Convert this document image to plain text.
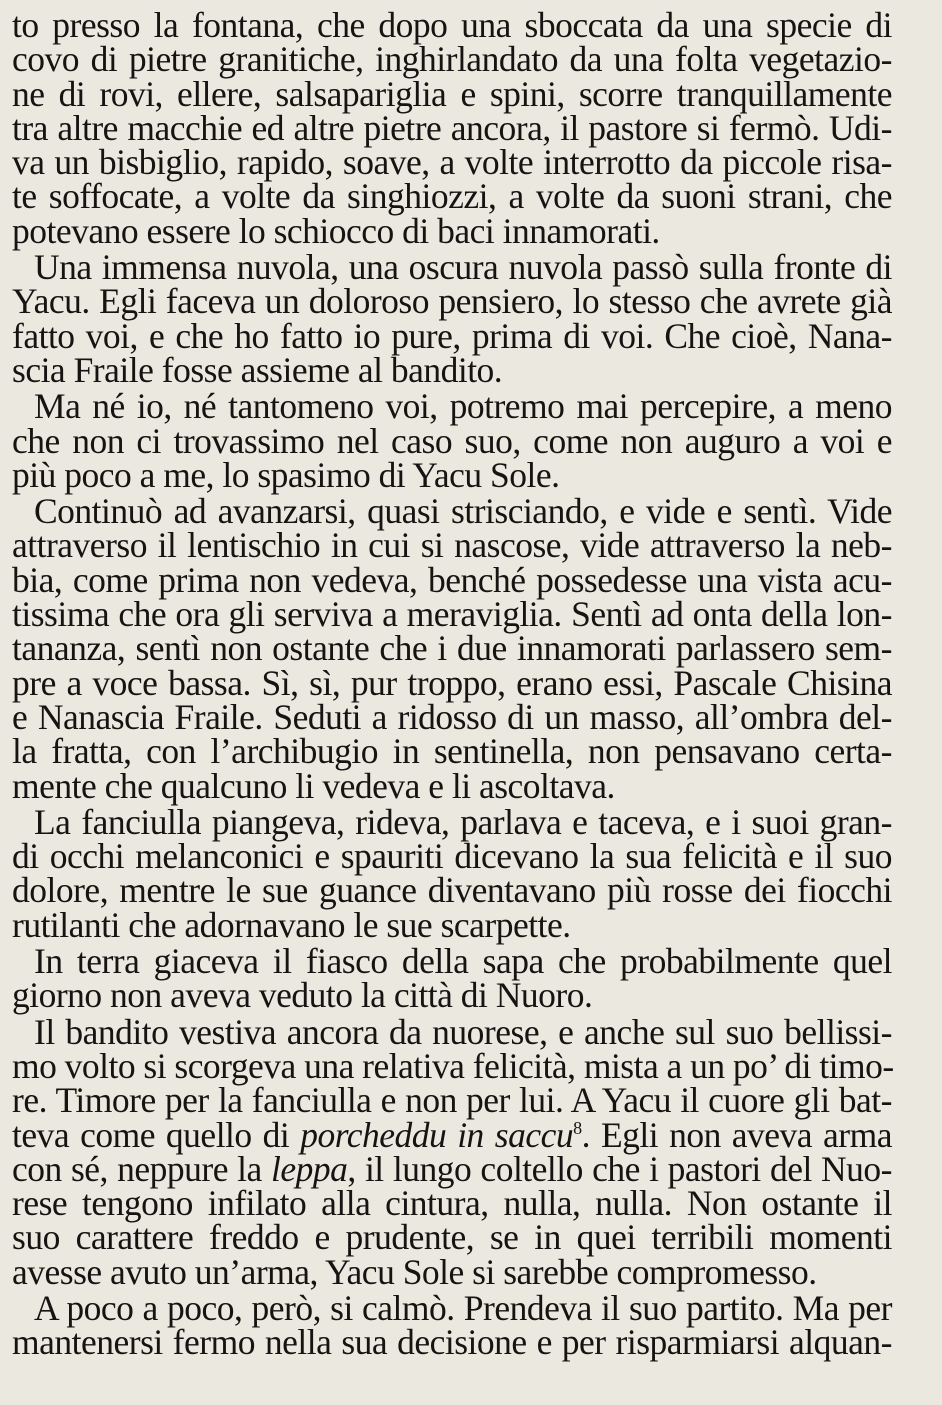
to presso la fontana, che dopo una sboccata da una specie di
covo di pietre granitiche, inghirlandato da una folta vegetazio-
ne di rovi, ellere, salsapariglia e spini, scorre tranquillamente
tra altre macchie ed altre pietre ancora, il pastore si fermò. Udi-
va un bisbiglio, rapido, soave, a volte interrotto da piccole risa-
te soffocate, a volte da singhiozzi, a volte da suoni strani, che
potevano essere lo schiocco di baci innamorati.
Una immensa nuvola, una oscura nuvola passò sulla fronte di
Yacu. Egli faceva un doloroso pensiero, lo stesso che avrete già
fatto voi, e che ho fatto io pure, prima di voi. Che cioè, Nana-
scia Fraile fosse assieme al bandito.
Ma né io, né tantomeno voi, potremo mai percepire, a meno
che non ci trovassimo nel caso suo, come non auguro a voi e
più poco a me, lo spasimo di Yacu Sole.
Continuò ad avanzarsi, quasi strisciando, e vide e sentì. Vide
attraverso il lentischio in cui si nascose, vide attraverso la neb-
bia, come prima non vedeva, benché possedesse una vista acu-
tissima che ora gli serviva a meraviglia. Sentì ad onta della lon-
tananza, sentì non ostante che i due innamorati parlassero sem-
pre a voce bassa. Sì, sì, pur troppo, erano essi, Pascale Chisina
e Nanascia Fraile. Seduti a ridosso di un masso, all’ombra del-
la fratta, con l’archibugio in sentinella, non pensavano certa-
mente che qualcuno li vedeva e li ascoltava.
La fanciulla piangeva, rideva, parlava e taceva, e i suoi gran-
di occhi melanconici e spauriti dicevano la sua felicità e il suo
dolore, mentre le sue guance diventavano più rosse dei fiocchi
rutilanti che adornavano le sue scarpette.
In terra giaceva il fiasco della sapa che probabilmente quel
giorno non aveva veduto la città di Nuoro.
Il bandito vestiva ancora da nuorese, e anche sul suo bellissi-
mo volto si scorgeva una relativa felicità, mista a un po’ di timo-
re. Timore per la fanciulla e non per lui. A Yacu il cuore gli bat-
teva come quello di porcheddu in saccu$^8$. Egli non aveva arma
con sé, neppure la leppa, il lungo coltello che i pastori del Nuo-
rese tengono infilato alla cintura, nulla, nulla. Non ostante il
suo carattere freddo e prudente, se in quei terribili momenti
avesse avuto un’arma, Yacu Sole si sarebbe compromesso.
A poco a poco, però, si calmò. Prendeva il suo partito. Ma per
mantenersi fermo nella sua decisione e per risparmiarsi alquan-
